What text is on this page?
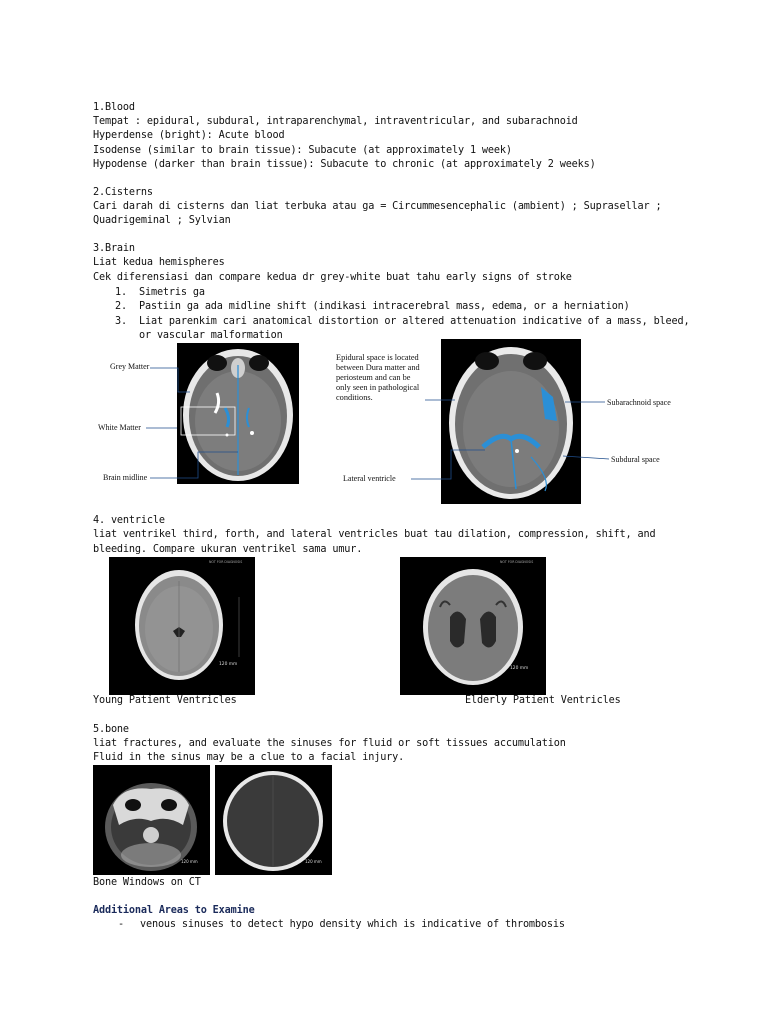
1.Blood
Tempat : epidural, subdural, intraparenchymal, intraventricular, and subarachnoid
Hyperdense (bright): Acute blood
Isodense (similar to brain tissue): Subacute (at approximately 1 week)
Hypodense (darker than brain tissue): Subacute to chronic (at approximately 2 weeks)
2.Cisterns
Cari darah di cisterns dan liat terbuka atau ga = Circummesencephalic (ambient) ; Suprasellar ;
Quadrigeminal ; Sylvian
3.Brain
Liat kedua hemispheres
Cek diferensiasi dan compare kedua dr grey-white buat tahu early signs of stroke
1. Simetris ga
2. Pastiin ga ada midline shift (indikasi intracerebral mass, edema, or a herniation)
3. Liat parenkim cari anatomical distortion or altered attenuation indicative of a mass, bleed,
or vascular malformation
Grey Matter
White Matter
Brain midline
Epidural space is located
between Dura matter and
periosteum and can be
only seen in pathological
conditions.
Subarachnoid space
Subdural space
Lateral ventricle
4. ventricle
liat ventrikel third, forth, and lateral ventricles buat tau dilation, compression, shift, and
bleeding. Compare ukuran ventrikel sama umur.
NOT FOR DIAGNOSIS
120 mm
NOT FOR DIAGNOSIS
120 mm
Young Patient Ventricles	Elderly Patient Ventricles
5.bone
liat fractures, and evaluate the sinuses for fluid or soft tissues accumulation
Fluid in the sinus may be a clue to a facial injury.
120 mm	120 mm
Bone Windows on CT
Additional Areas to Examine
- venous sinuses to detect hypo density which is indicative of thrombosis
